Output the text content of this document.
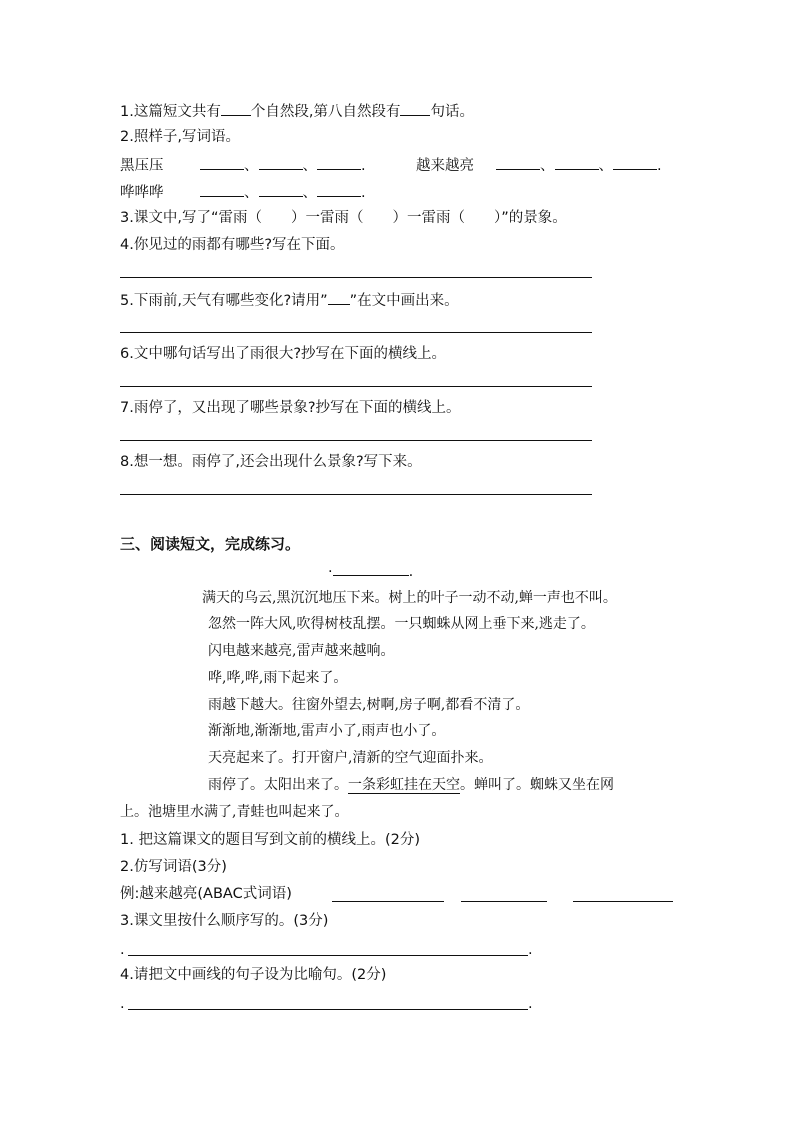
1.这篇短文共有 个自然段,第八自然段有 句话。
2.照样子,写词语。
黑压压	、	、	.	越来越亮	、	、	.
哗哗哗	、	、	.
3.课文中,写了“雷雨（　　）一雷雨（　　）一雷雨（　　）”的景象。
4.你见过的雨都有哪些?写在下面。
5.下雨前,天气有哪些变化?请用” ”在文中画出来。
6.文中哪句话写出了雨很大?抄写在下面的横线上。
7.雨停了，又出现了哪些景象?抄写在下面的横线上。
8.想一想。雨停了,还会出现什么景象?写下来。
三、阅读短文，完成练习。
·	.
满天的乌云,黑沉沉地压下来。树上的叶子一动不动,蝉一声也不叫。
忽然一阵大风,吹得树枝乱摆。一只蜘蛛从网上垂下来,逃走了。
闪电越来越亮,雷声越来越响。
哗,哗,哗,雨下起来了。
雨越下越大。往窗外望去,树啊,房子啊,都看不清了。
渐渐地,渐渐地,雷声小了,雨声也小了。
天亮起来了。打开窗户,清新的空气迎面扑来。
雨停了。太阳出来了。一条彩虹挂在天空。蝉叫了。蜘蛛又坐在网
上。池塘里水满了,青蛙也叫起来了。
1. 把这篇课文的题目写到文前的横线上。(2分)
2.仿写词语(3分)
例:越来越亮(ABAC式词语)
3.课文里按什么顺序写的。(3分)
.	.
4.请把文中画线的句子设为比喻句。(2分)
.	.
